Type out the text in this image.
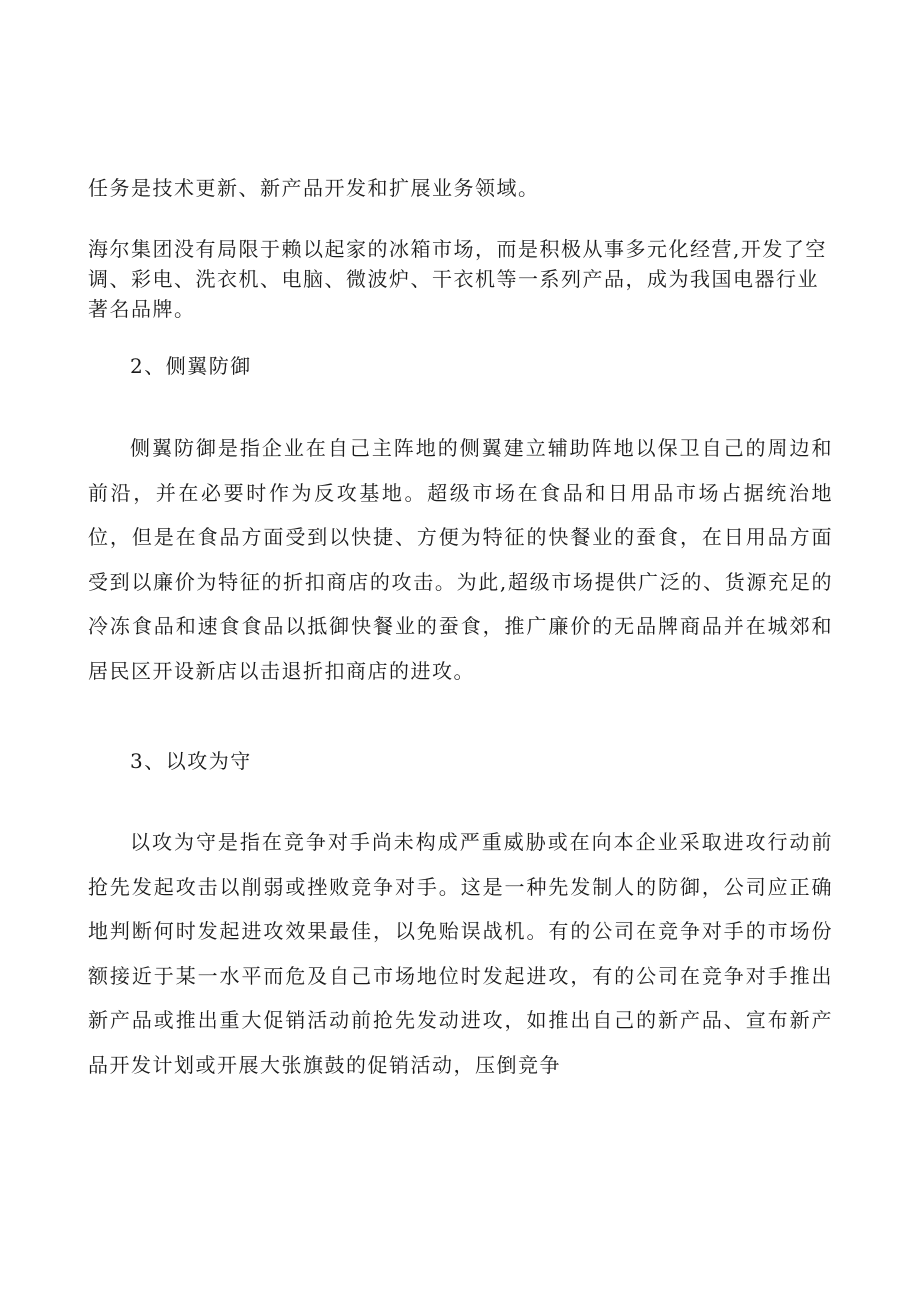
任务是技术更新、新产品开发和扩展业务领域。

海尔集团没有局限于赖以起家的冰箱市场，而是积极从事多元化经营,开发了空调、彩电、洗衣机、电脑、微波炉、干衣机等一系列产品，成为我国电器行业著名品牌。

2、侧翼防御

侧翼防御是指企业在自己主阵地的侧翼建立辅助阵地以保卫自己的周边和前沿，并在必要时作为反攻基地。超级市场在食品和日用品市场占据统治地位，但是在食品方面受到以快捷、方便为特征的快餐业的蚕食，在日用品方面受到以廉价为特征的折扣商店的攻击。为此,超级市场提供广泛的、货源充足的冷冻食品和速食食品以抵御快餐业的蚕食，推广廉价的无品牌商品并在城郊和居民区开设新店以击退折扣商店的进攻。

3、以攻为守

以攻为守是指在竞争对手尚未构成严重威胁或在向本企业采取进攻行动前抢先发起攻击以削弱或挫败竞争对手。这是一种先发制人的防御，公司应正确地判断何时发起进攻效果最佳，以免贻误战机。有的公司在竞争对手的市场份额接近于某一水平而危及自己市场地位时发起进攻，有的公司在竞争对手推出新产品或推出重大促销活动前抢先发动进攻，如推出自己的新产品、宣布新产品开发计划或开展大张旗鼓的促销活动，压倒竞争
